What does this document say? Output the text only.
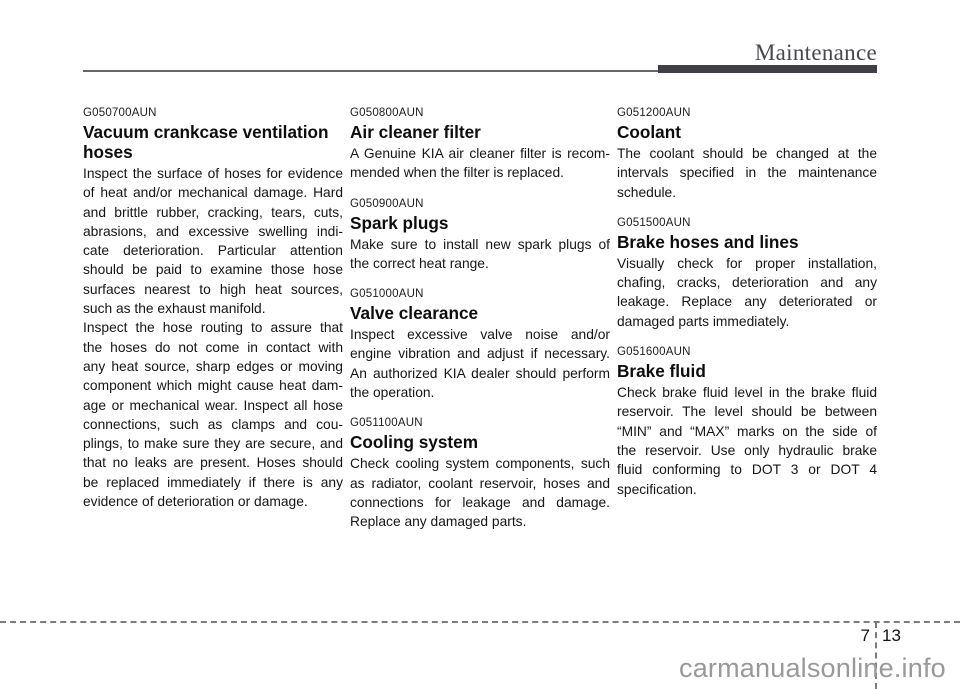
Maintenance
G050700AUN
Vacuum crankcase ventilation hoses
Inspect the surface of hoses for evidence
of heat and/or mechanical damage. Hard
and brittle rubber, cracking, tears, cuts,
abrasions, and excessive swelling indi-
cate deterioration. Particular attention
should be paid to examine those hose
surfaces nearest to high heat sources,
such as the exhaust manifold.
Inspect the hose routing to assure that
the hoses do not come in contact with
any heat source, sharp edges or moving
component which might cause heat dam-
age or mechanical wear. Inspect all hose
connections, such as clamps and cou-
plings, to make sure they are secure, and
that no leaks are present. Hoses should
be replaced immediately if there is any
evidence of deterioration or damage.
G050800AUN
Air cleaner filter
A Genuine KIA air cleaner filter is recom-
mended when the filter is replaced.
G050900AUN
Spark plugs
Make sure to install new spark plugs of
the correct heat range.
G051000AUN
Valve clearance
Inspect excessive valve noise and/or
engine vibration and adjust if necessary.
An authorized KIA dealer should perform
the operation.
G051100AUN
Cooling system
Check cooling system components, such
as radiator, coolant reservoir, hoses and
connections for leakage and damage.
Replace any damaged parts.
G051200AUN
Coolant
The coolant should be changed at the
intervals specified in the maintenance
schedule.
G051500AUN
Brake hoses and lines
Visually check for proper installation,
chafing, cracks, deterioration and any
leakage. Replace any deteriorated or
damaged parts immediately.
G051600AUN
Brake fluid
Check brake fluid level in the brake fluid
reservoir. The level should be between
“MIN” and “MAX” marks on the side of
the reservoir. Use only hydraulic brake
fluid conforming to DOT 3 or DOT 4
specification.
7 13
carmanualsonline.info
